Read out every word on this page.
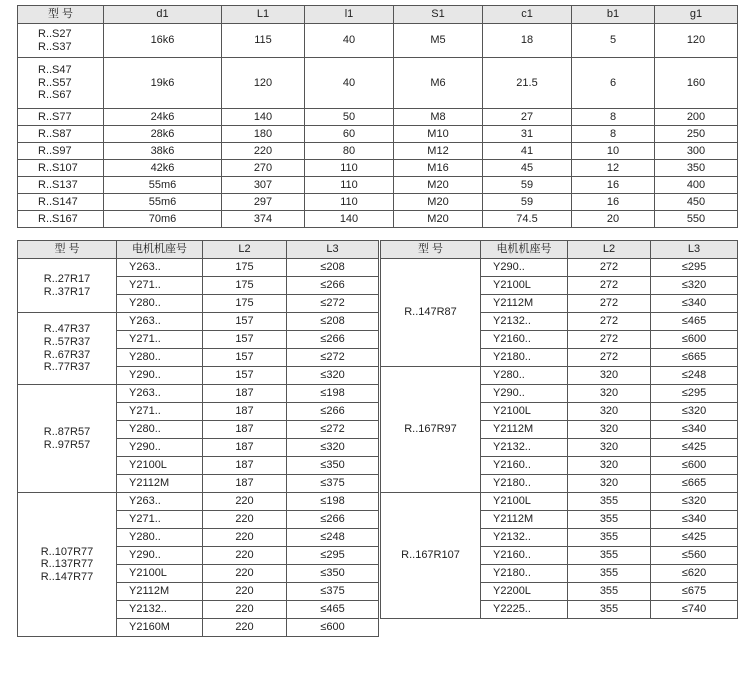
型 号	d1	L1	l1	S1	c1	b1	g1

R..S27
R..S37	16k6	115	40	M5	18	5	120

R..S47
R..S57
R..S67	19k6	120	40	M6	21.5	6	160

R..S77	24k6	140	50	M8	27	8	200

R..S87	28k6	180	60	M10	31	8	250

R..S97	38k6	220	80	M12	41	10	300

R..S107	42k6	270	110	M16	45	12	350

R..S137	55m6	307	110	M20	59	16	400

R..S147	55m6	297	110	M20	59	16	450

R..S167	70m6	374	140	M20	74.5	20	550
型 号	电机机座号	L2	L3

R..27R17
R..37R17	Y263..	175	≤208
	Y271..	175	≤266
	Y280..	175	≤272

R..47R37
R..57R37
R..67R37
R..77R37	Y263..	157	≤208
	Y271..	157	≤266
	Y280..	157	≤272
	Y290..	157	≤320

R..87R57
R..97R57	Y263..	187	≤198
	Y271..	187	≤266
	Y280..	187	≤272
	Y290..	187	≤320
	Y2100L	187	≤350
	Y2112M	187	≤375

R..107R77
R..137R77
R..147R77	Y263..	220	≤198
	Y271..	220	≤266
	Y280..	220	≤248
	Y290..	220	≤295
	Y2100L	220	≤350
	Y2112M	220	≤375
	Y2132..	220	≤465
	Y2160M	220	≤600
型 号	电机机座号	L2	L3

R..147R87	Y290..	272	≤295
	Y2100L	272	≤320
	Y2112M	272	≤340
	Y2132..	272	≤465
	Y2160..	272	≤600
	Y2180..	272	≤665

R..167R97	Y280..	320	≤248
	Y290..	320	≤295
	Y2100L	320	≤320
	Y2112M	320	≤340
	Y2132..	320	≤425
	Y2160..	320	≤600
	Y2180..	320	≤665

R..167R107	Y2100L	355	≤320
	Y2112M	355	≤340
	Y2132..	355	≤425
	Y2160..	355	≤560
	Y2180..	355	≤620
	Y2200L	355	≤675
	Y2225..	355	≤740
